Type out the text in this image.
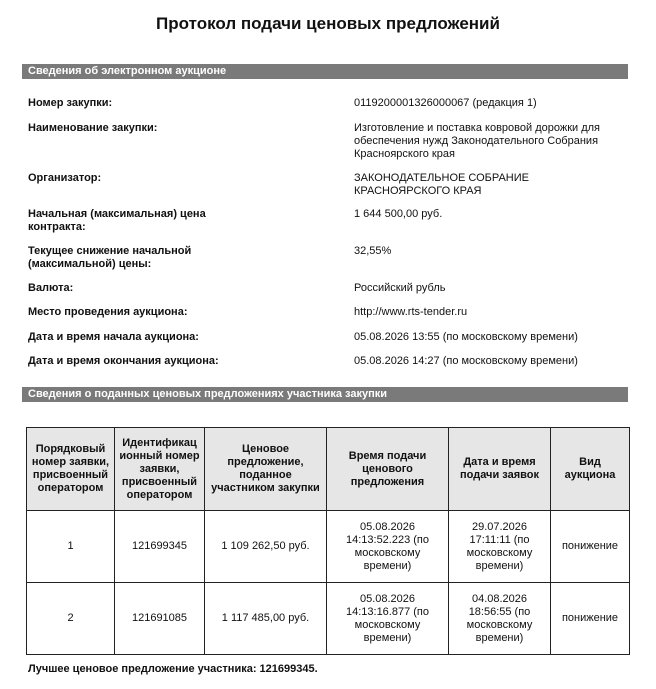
Протокол подачи ценовых предложений
Сведения об электронном аукционе
Номер закупки:	0119200001326000067 (редакция 1)
Наименование закупки:	Изготовление и поставка ковровой дорожки для обеспечения нужд Законодательного Собрания Красноярского края
Организатор:	ЗАКОНОДАТЕЛЬНОЕ СОБРАНИЕ КРАСНОЯРСКОГО КРАЯ
Начальная (максимальная) цена контракта:
1 644 500,00 руб.
Текущее снижение начальной (максимальной) цены:
32,55%
Валюта:	Российский рубль
Место проведения аукциона:	http://www.rts-tender.ru
Дата и время начала аукциона:	05.08.2026 13:55 (по московскому времени)
Дата и время окончания аукциона:	05.08.2026 14:27 (по московскому времени)
Сведения о поданных ценовых предложениях участника закупки
Порядковый номер заявки, присвоенный оператором	Идентификац ионный номер заявки, присвоенный оператором	Ценовое предложение, поданное участником закупки	Время подачи ценового предложения	Дата и время подачи заявок	Вид аукциона
1	121699345	1 109 262,50 руб.	05.08.2026 14:13:52.223 (по московскому времени)	29.07.2026 17:11:11 (по московскому времени)	понижение
2	121691085	1 117 485,00 руб.	05.08.2026 14:13:16.877 (по московскому времени)	04.08.2026 18:56:55 (по московскому времени)	понижение
Лучшее ценовое предложение участника: 121699345.
